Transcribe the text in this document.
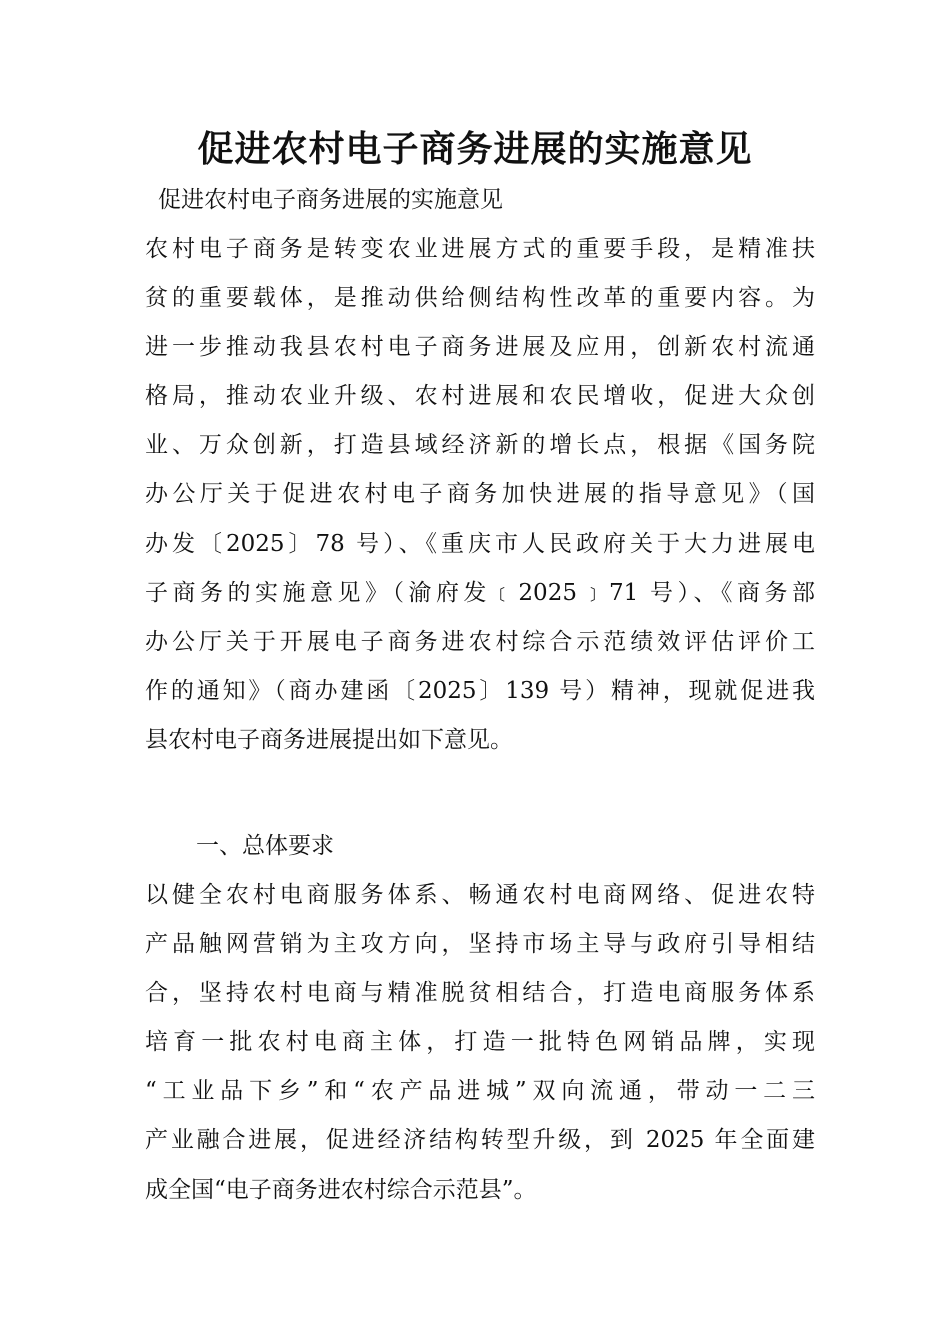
促进农村电子商务进展的实施意见
促进农村电子商务进展的实施意见
农村电子商务是转变农业进展方式的重要手段，是精准扶
贫的重要载体，是推动供给侧结构性改革的重要内容。为
进一步推动我县农村电子商务进展及应用，创新农村流通
格局，推动农业升级、农村进展和农民增收，促进大众创
业、万众创新，打造县域经济新的增长点，根据《国务院
办公厅关于促进农村电子商务加快进展的指导意见》（国
办发〔2025〕78 号）、《重庆市人民政府关于大力进展电
子商务的实施意见》（渝府发﹝2025﹞71 号）、《商务部
办公厅关于开展电子商务进农村综合示范绩效评估评价工
作的通知》（商办建函〔2025〕139 号）精神，现就促进我
县农村电子商务进展提出如下意见。
一、总体要求
以健全农村电商服务体系、畅通农村电商网络、促进农特
产品触网营销为主攻方向，坚持市场主导与政府引导相结
合，坚持农村电商与精准脱贫相结合，打造电商服务体系
培育一批农村电商主体，打造一批特色网销品牌，实现
“工业品下乡”和“农产品进城”双向流通，带动一二三
产业融合进展，促进经济结构转型升级，到 2025 年全面建
成全国“电子商务进农村综合示范县”。
